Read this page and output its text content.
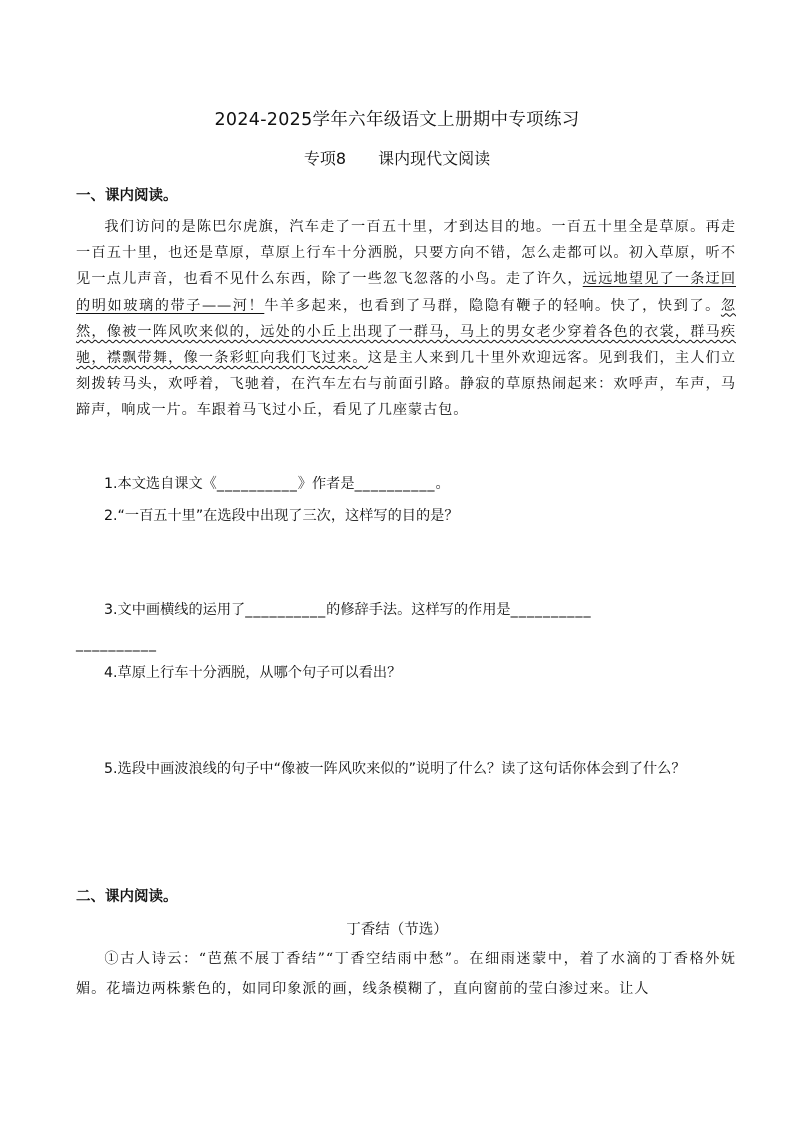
2024-2025学年六年级语文上册期中专项练习
专项8 课内现代文阅读
一、课内阅读。
我们访问的是陈巴尔虎旗，汽车走了一百五十里，才到达目的地。一百五十里全是草原。再走一百五十里，也还是草原，草原上行车十分洒脱，只要方向不错，怎么走都可以。初入草原，听不见一点儿声音，也看不见什么东西，除了一些忽飞忽落的小鸟。走了许久，远远地望见了一条迂回的明如玻璃的带子——河！牛羊多起来，也看到了马群，隐隐有鞭子的轻响。快了，快到了。忽然，像被一阵风吹来似的，远处的小丘上出现了一群马，马上的男女老少穿着各色的衣裳，群马疾驰，襟飘带舞，像一条彩虹向我们飞过来。这是主人来到几十里外欢迎远客。见到我们，主人们立刻拨转马头，欢呼着，飞驰着，在汽车左右与前面引路。静寂的草原热闹起来：欢呼声，车声，马蹄声，响成一片。车跟着马飞过小丘，看见了几座蒙古包。
1.本文选自课文《__________》作者是__________。
2.“一百五十里”在选段中出现了三次，这样写的目的是？
3.文中画横线的运用了__________的修辞手法。这样写的作用是__________
__________
4.草原上行车十分洒脱，从哪个句子可以看出？
5.选段中画波浪线的句子中“像被一阵风吹来似的”说明了什么？读了这句话你体会到了什么？
二、课内阅读。
丁香结（节选）
①古人诗云：“芭蕉不展丁香结”“丁香空结雨中愁”。在细雨迷蒙中，着了水滴的丁香格外妩媚。花墙边两株紫色的，如同印象派的画，线条模糊了，直向窗前的莹白渗过来。让人
